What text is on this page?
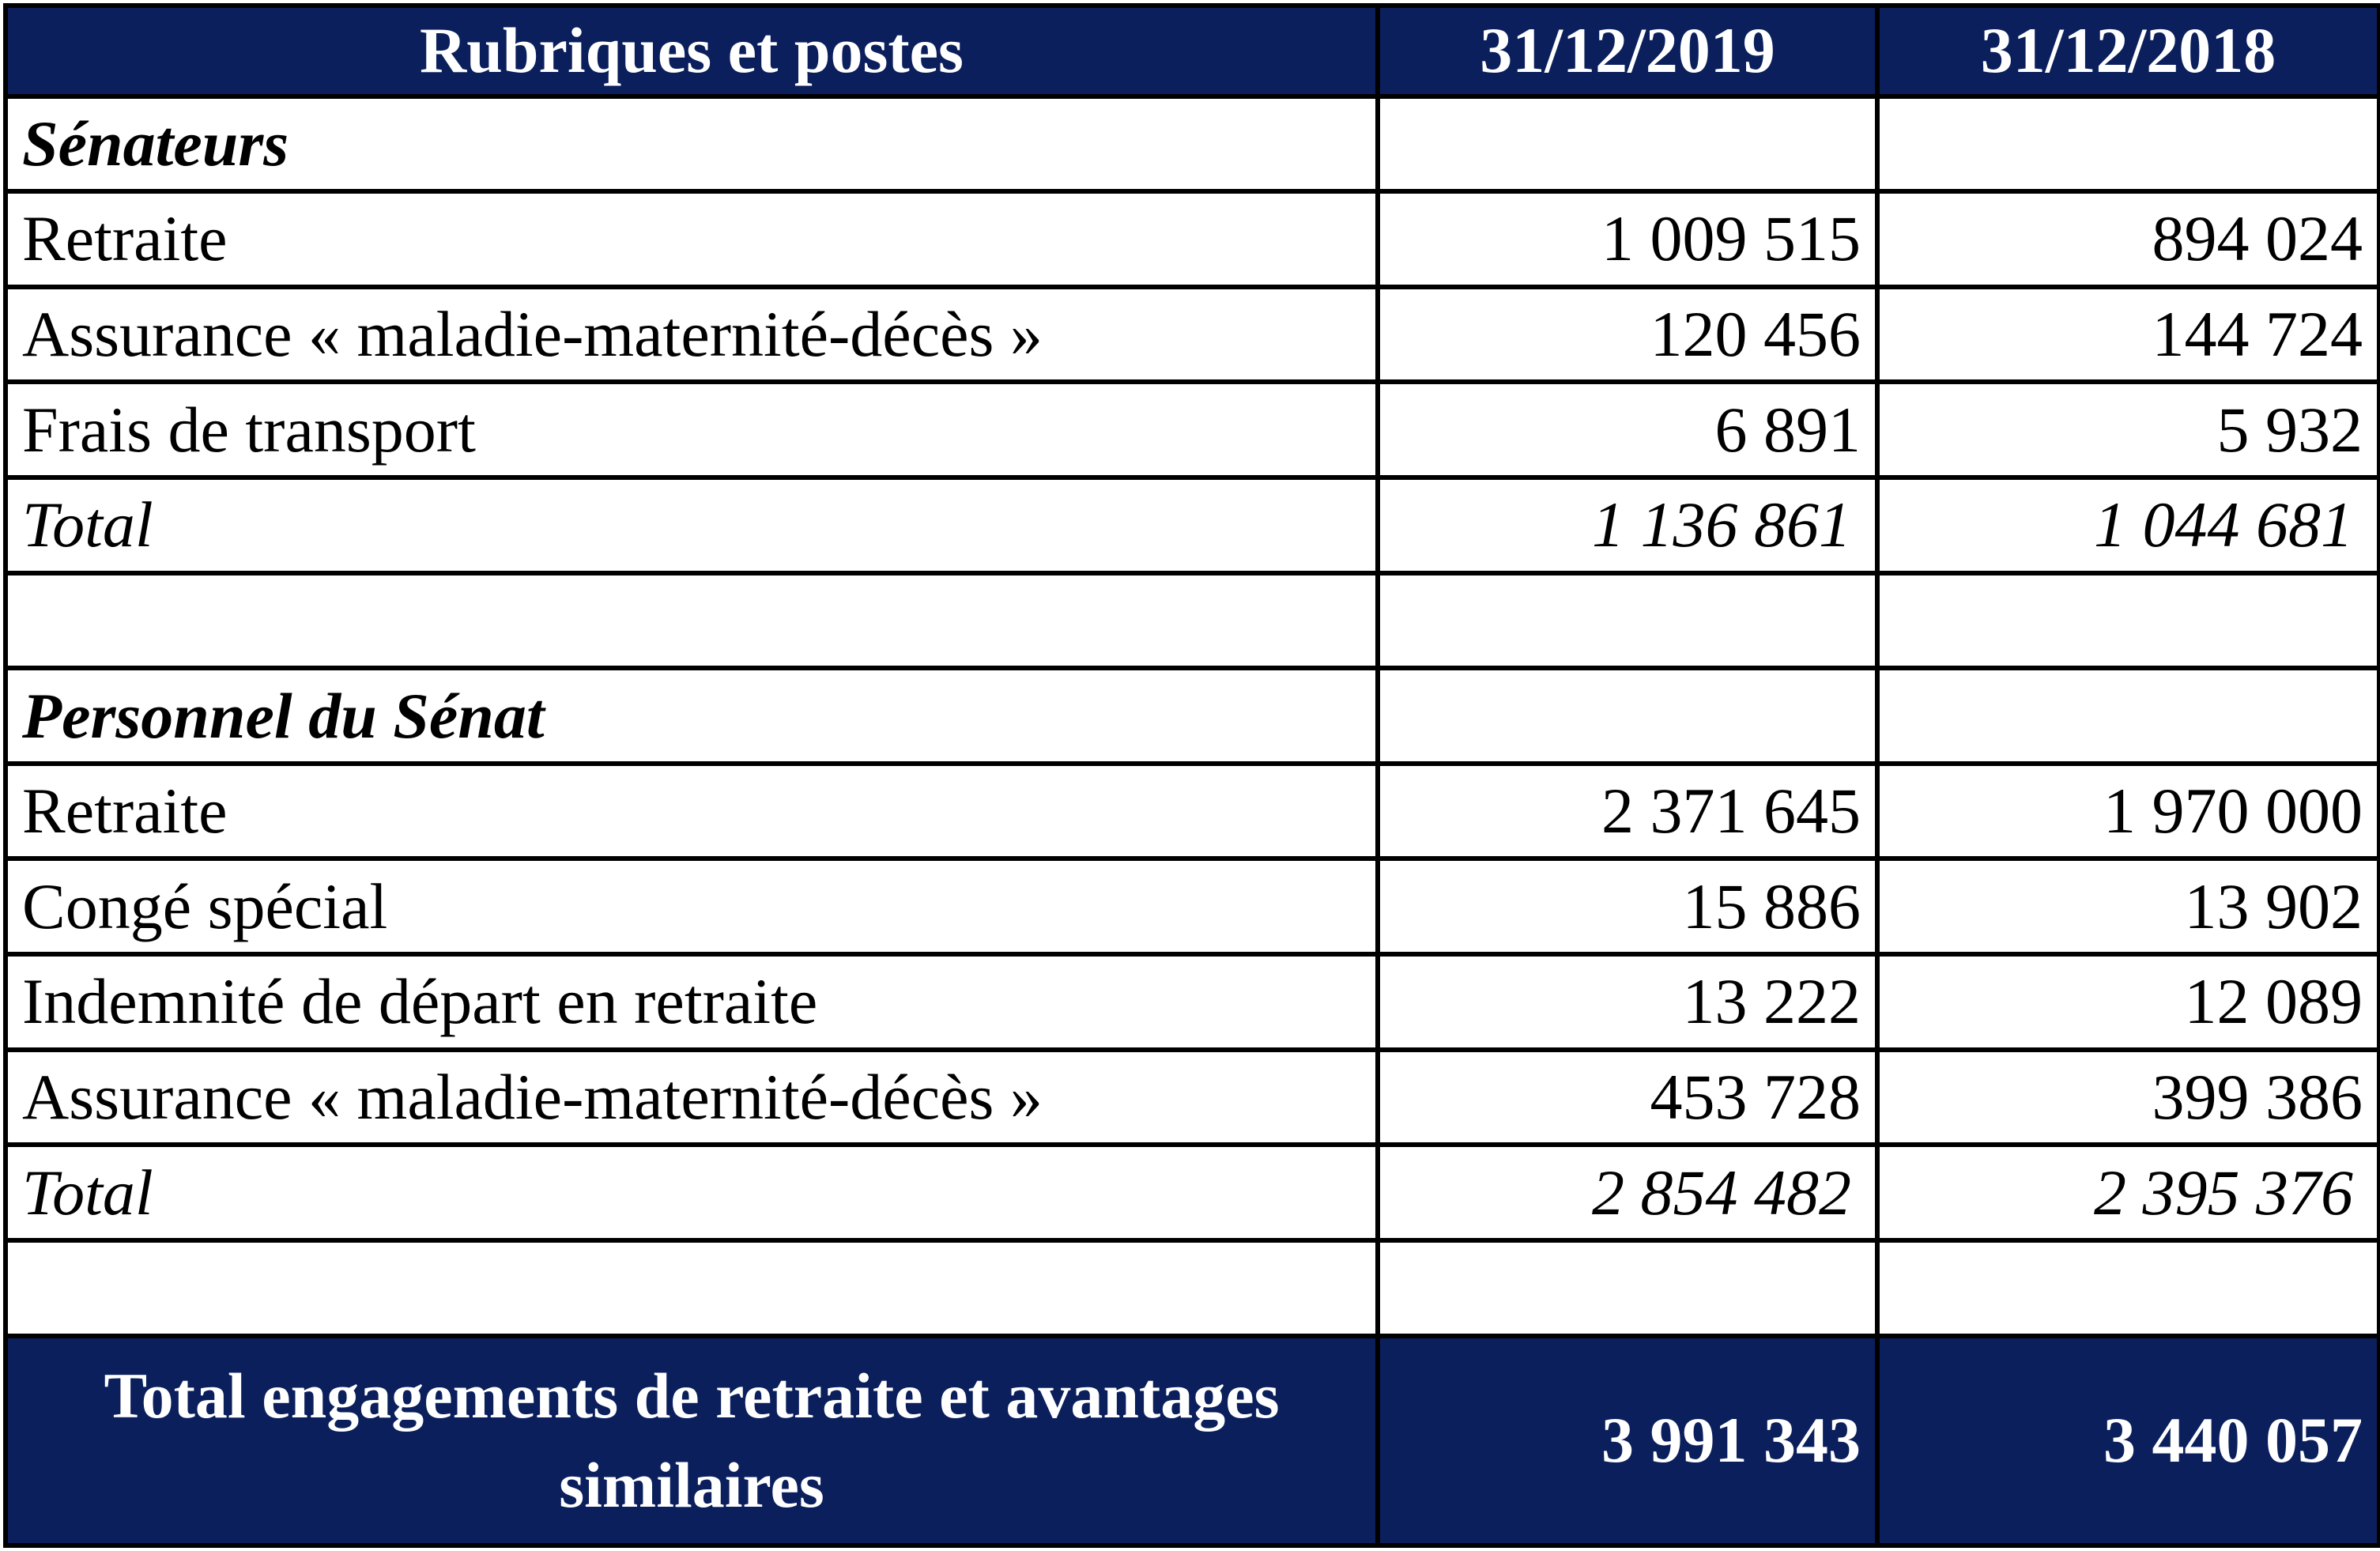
Rubriques et postes	31/12/2019	31/12/2018
Sénateurs		
Retraite	1 009 515	894 024
Assurance « maladie-maternité-décès »	120 456	144 724
Frais de transport	6 891	5 932
Total	1 136 861	1 044 681

Personnel du Sénat		
Retraite	2 371 645	1 970 000
Congé spécial	15 886	13 902
Indemnité de départ en retraite	13 222	12 089
Assurance « maladie-maternité-décès »	453 728	399 386
Total	2 854 482	2 395 376

Total engagements de retraite et avantages similaires	3 991 343	3 440 057
